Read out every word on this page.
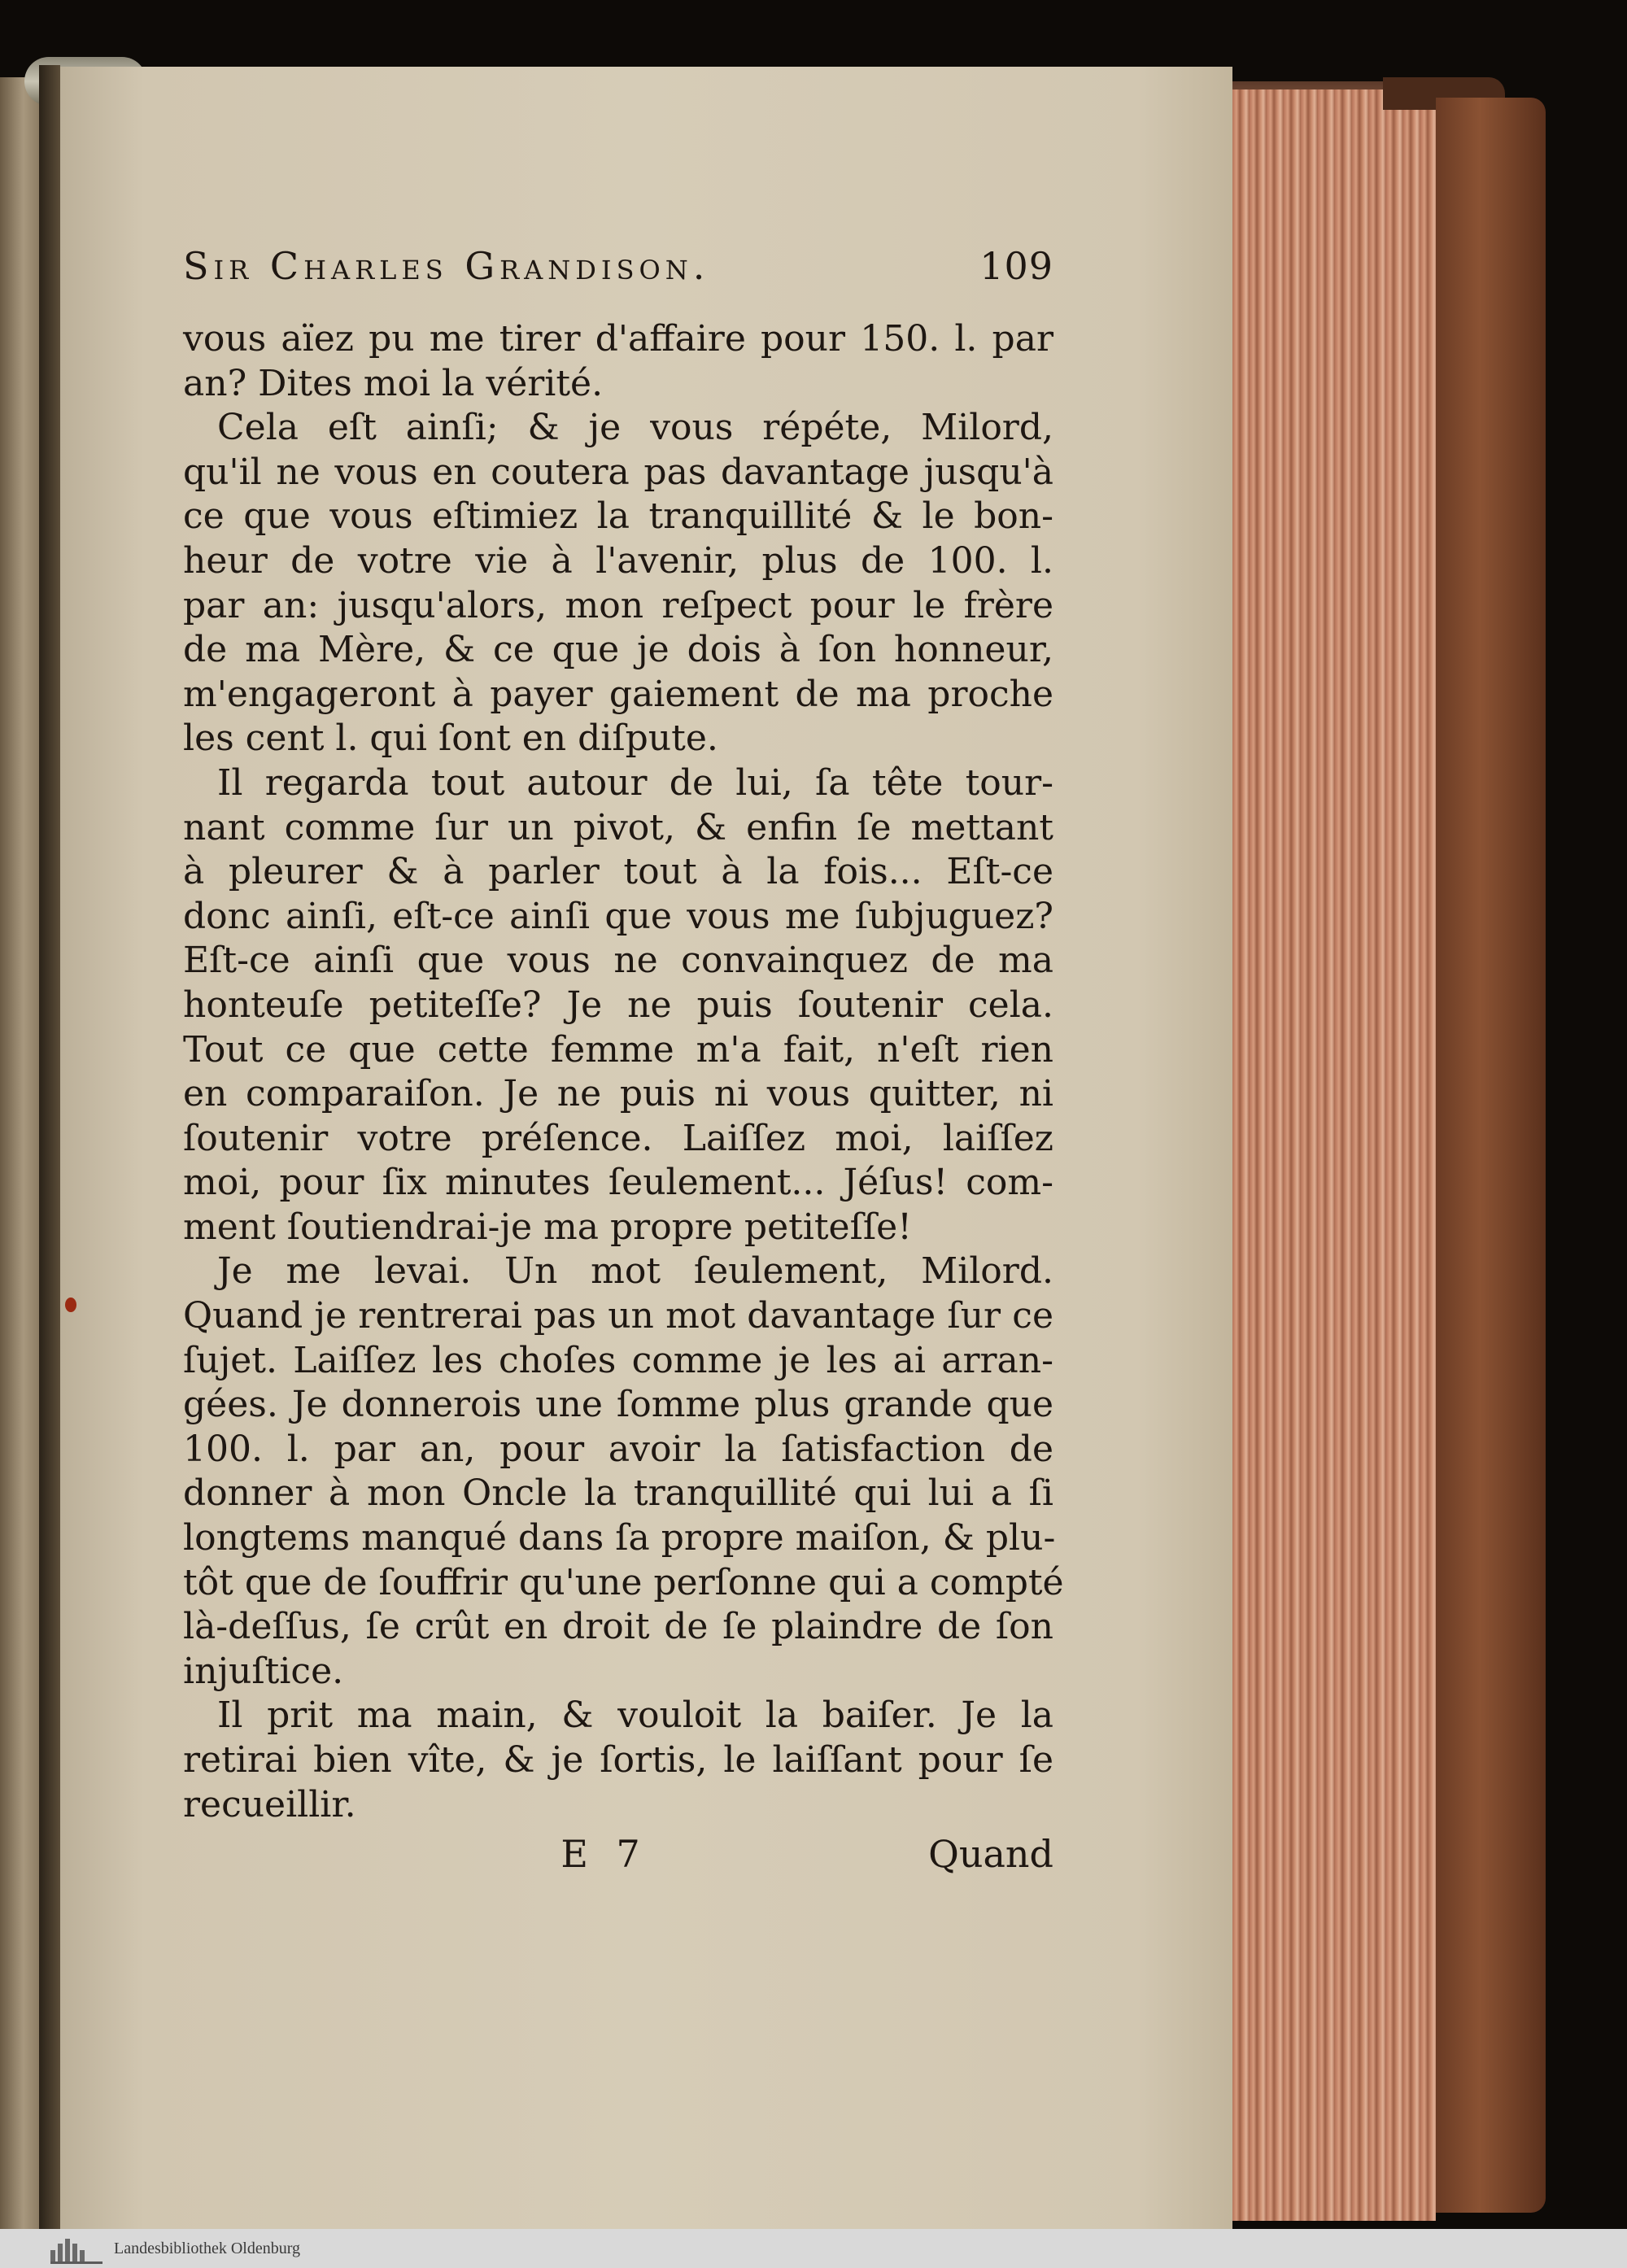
Sir Charles Grandison.	109
vous aïez pu me tirer d'affaire pour 150. l. par
an? Dites moi la vérité.
Cela eſt ainſi; & je vous répéte, Milord,
qu'il ne vous en coutera pas davantage jusqu'à
ce que vous eſtimiez la tranquillité & le bon-
heur de votre vie à l'avenir, plus de 100. l.
par an: jusqu'alors, mon reſpect pour le frère
de ma Mère, & ce que je dois à ſon honneur,
m'engageront à payer gaiement de ma proche
les cent l. qui ſont en diſpute.
Il regarda tout autour de lui, ſa tête tour-
nant comme ſur un pivot, & enfin ſe mettant
à pleurer & à parler tout à la fois... Eſt-ce
donc ainſi, eſt-ce ainſi que vous me ſubjuguez?
Eſt-ce ainſi que vous ne convainquez de ma
honteuſe petiteſſe? Je ne puis ſoutenir cela.
Tout ce que cette femme m'a fait, n'eſt rien
en comparaiſon. Je ne puis ni vous quitter, ni
ſoutenir votre préſence. Laiſſez moi, laiſſez
moi, pour ſix minutes ſeulement... Jéſus! com-
ment ſoutiendrai-je ma propre petiteſſe!
Je me levai. Un mot ſeulement, Milord.
Quand je rentrerai pas un mot davantage ſur ce
ſujet. Laiſſez les choſes comme je les ai arran-
gées. Je donnerois une ſomme plus grande que
100. l. par an, pour avoir la ſatisfaction de
donner à mon Oncle la tranquillité qui lui a ſi
longtems manqué dans ſa propre maiſon, & plu-
tôt que de ſouffrir qu'une perſonne qui a compté
là-deſſus, ſe crût en droit de ſe plaindre de ſon
injuſtice.
Il prit ma main, & vouloit la baiſer. Je la
retirai bien vîte, & je ſortis, le laiſſant pour ſe
recueillir.
E 7	Quand
Landesbibliothek Oldenburg
